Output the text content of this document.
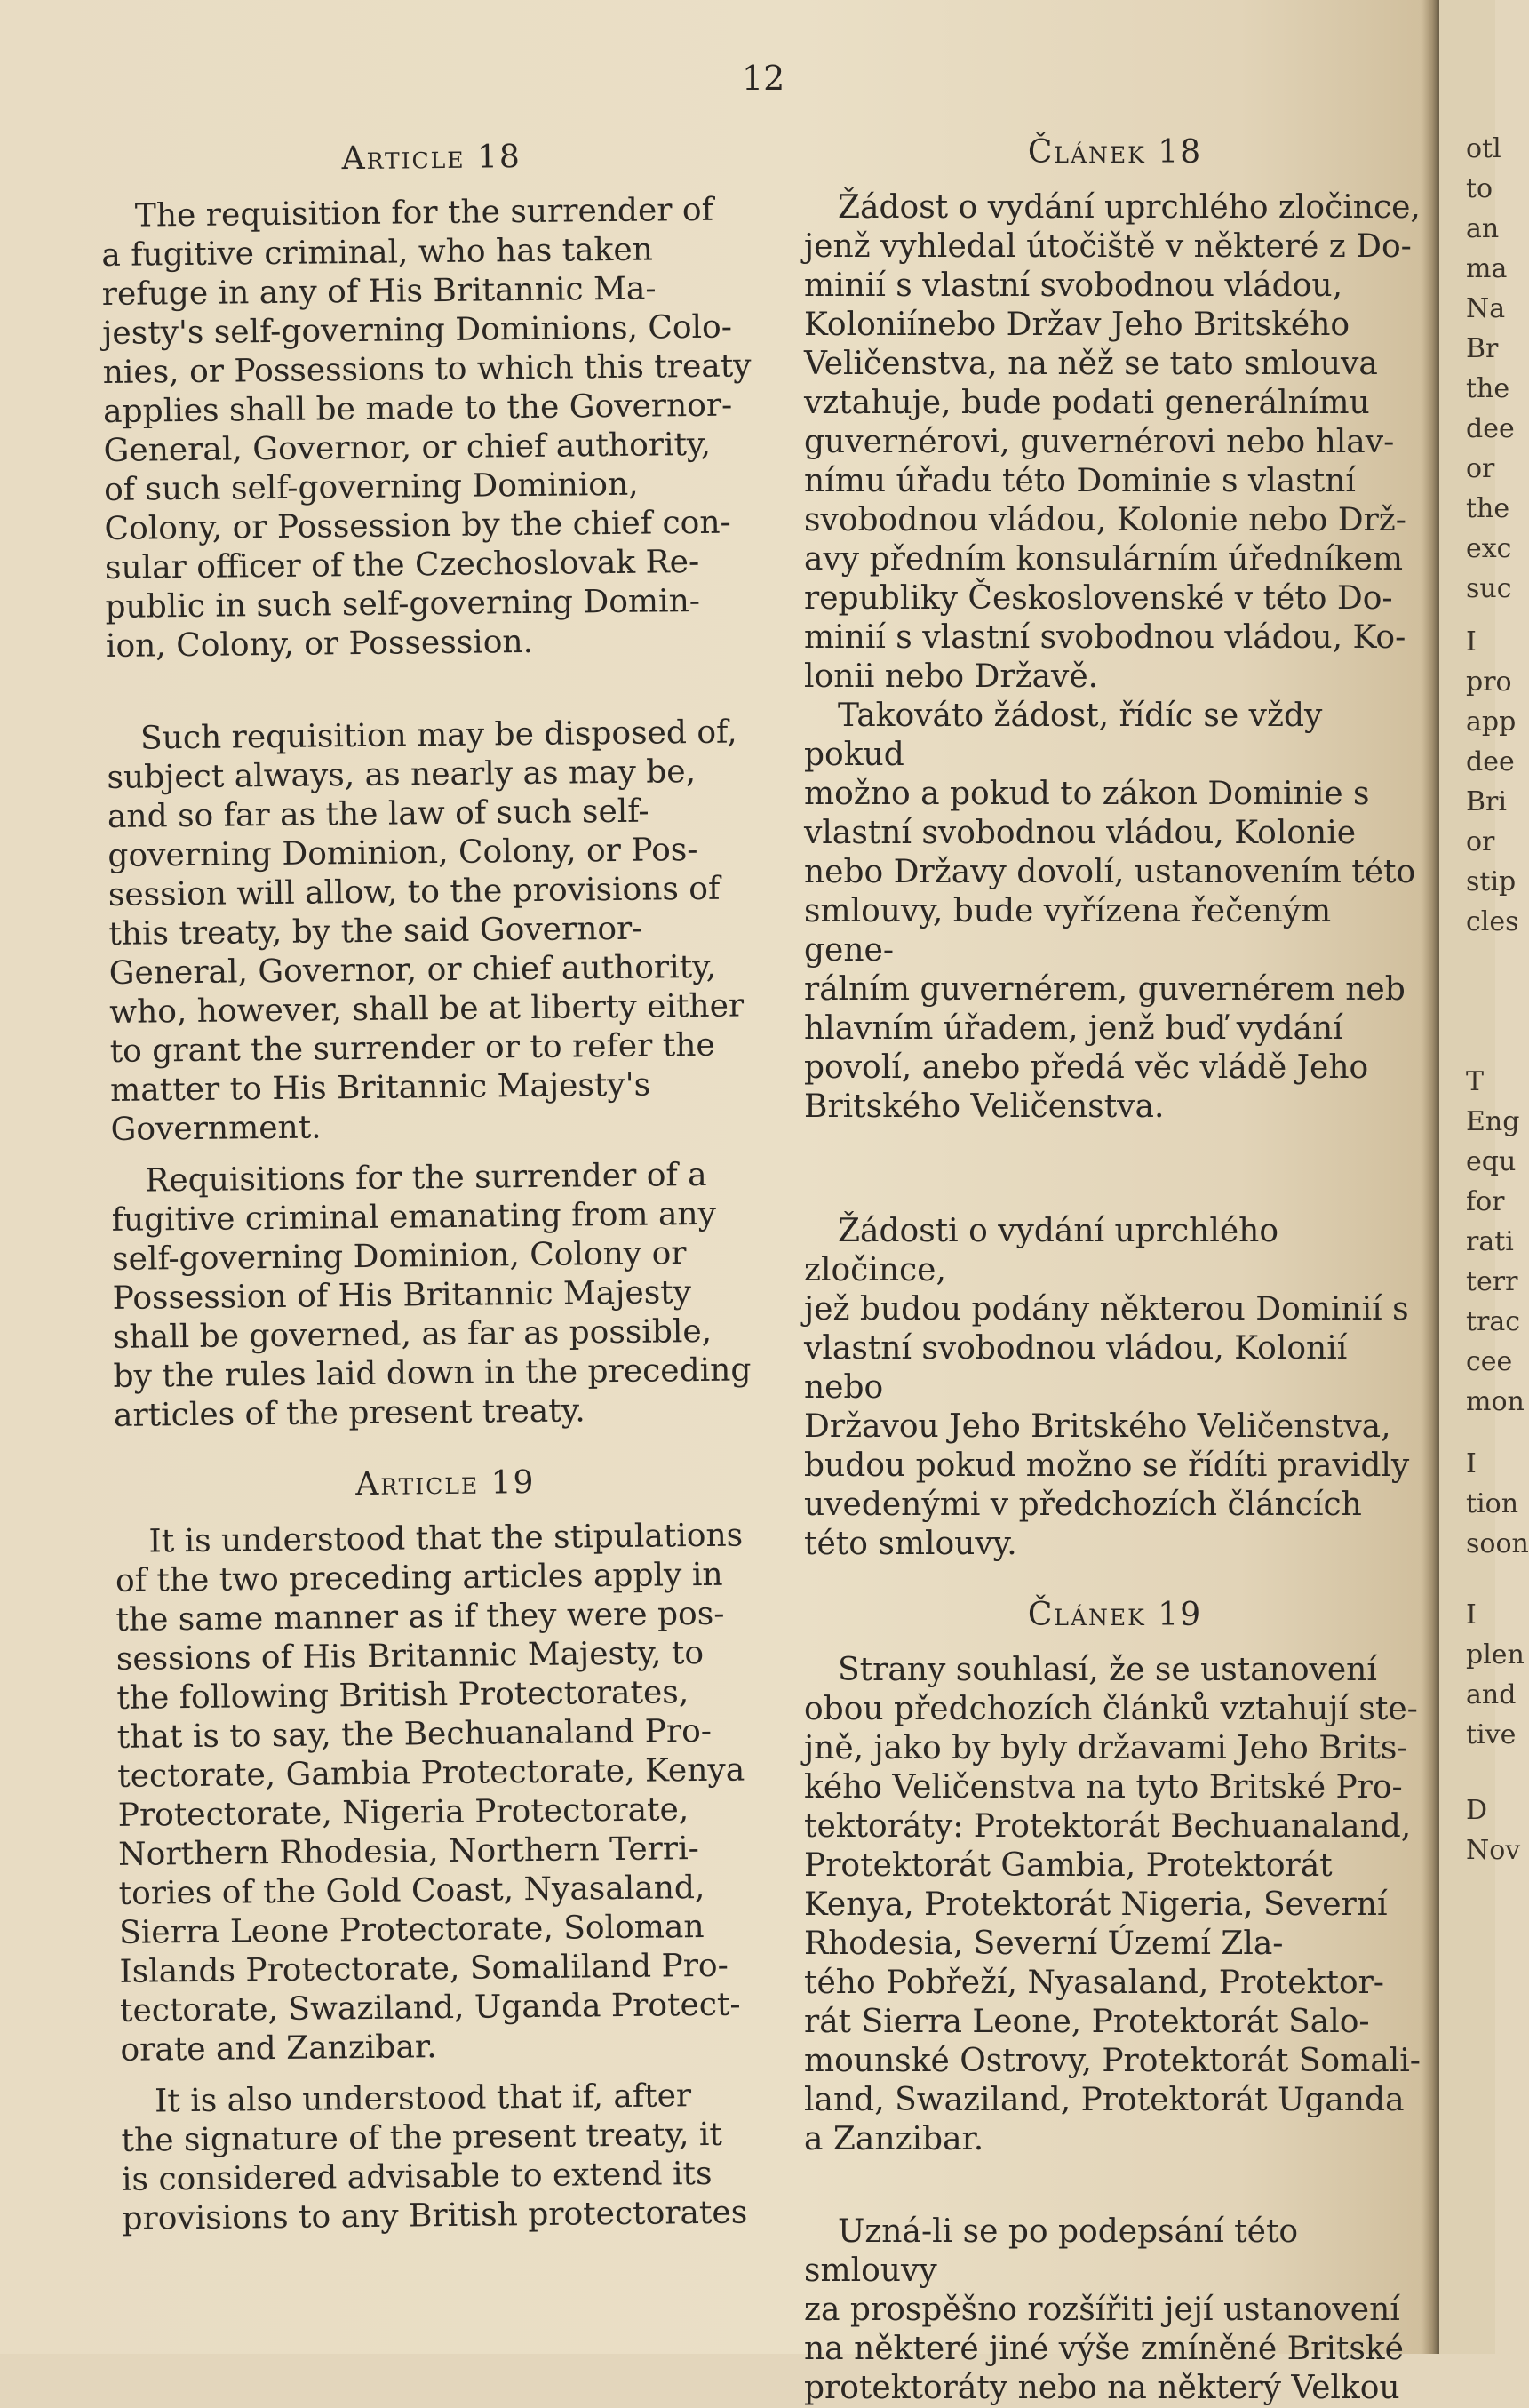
12
Article 18

The requisition for the surrender of
a fugitive criminal, who has taken
refuge in any of His Britannic Ma-
jesty's self-governing Dominions, Colo-
nies, or Possessions to which this treaty
applies shall be made to the Governor-
General, Governor, or chief authority,
of such self-governing Dominion,
Colony, or Possession by the chief con-
sular officer of the Czechoslovak Re-
public in such self-governing Domin-
ion, Colony, or Possession.

Such requisition may be disposed of,
subject always, as nearly as may be,
and so far as the law of such self-
governing Dominion, Colony, or Pos-
session will allow, to the provisions of
this treaty, by the said Governor-
General, Governor, or chief authority,
who, however, shall be at liberty either
to grant the surrender or to refer the
matter to His Britannic Majesty's
Government.

Requisitions for the surrender of a
fugitive criminal emanating from any
self-governing Dominion, Colony or
Possession of His Britannic Majesty
shall be governed, as far as possible,
by the rules laid down in the preceding
articles of the present treaty.

Article 19

It is understood that the stipulations
of the two preceding articles apply in
the same manner as if they were pos-
sessions of His Britannic Majesty, to
the following British Protectorates,
that is to say, the Bechuanaland Pro-
tectorate, Gambia Protectorate, Kenya
Protectorate, Nigeria Protectorate,
Northern Rhodesia, Northern Terri-
tories of the Gold Coast, Nyasaland,
Sierra Leone Protectorate, Soloman
Islands Protectorate, Somaliland Pro-
tectorate, Swaziland, Uganda Protect-
orate and Zanzibar.

It is also understood that if, after
the signature of the present treaty, it
is considered advisable to extend its
provisions to any British protectorates

Článek 18

Žádost o vydání uprchlého zločince,
jenž vyhledal útočiště v některé z Do-
minií s vlastní svobodnou vládou,
Koloniínebo Držav Jeho Britského
Veličenstva, na něž se tato smlouva
vztahuje, bude podati generálnímu
guvernérovi, guvernérovi nebo hlav-
nímu úřadu této Dominie s vlastní
svobodnou vládou, Kolonie nebo Drž-
avy předním konsulárním úředníkem
republiky Československé v této Do-
minií s vlastní svobodnou vládou, Ko-
lonii nebo Državě.

Takováto žádost, řídíc se vždy pokud
možno a pokud to zákon Dominie s
vlastní svobodnou vládou, Kolonie
nebo Državy dovolí, ustanovením této
smlouvy, bude vyřízena řečeným gene-
rálním guvernérem, guvernérem neb
hlavním úřadem, jenž buď vydání
povolí, anebo předá věc vládě Jeho
Britského Veličenstva.

Žádosti o vydání uprchlého zločince,
jež budou podány některou Dominií s
vlastní svobodnou vládou, Kolonií nebo
Državou Jeho Britského Veličenstva,
budou pokud možno se řídíti pravidly
uvedenými v předchozích článcích
této smlouvy.

Článek 19

Strany souhlasí, že se ustanovení
obou předchozích článků vztahují ste-
jně, jako by byly državami Jeho Brits-
kého Veličenstva na tyto Britské Pro-
tektoráty: Protektorát Bechuanaland,
Protektorát Gambia, Protektorát
Kenya, Protektorát Nigeria, Severní
Rhodesia, Severní Území Zla-
tého Pobřeží, Nyasaland, Protektor-
rát Sierra Leone, Protektorát Salo-
mounské Ostrovy, Protektorát Somali-
land, Swaziland, Protektorát Uganda
a Zanzibar.

Uzná-li se po podepsání této smlouvy
za prospěšno rozšířiti její ustanovení
na některé jiné výše zmíněné Britské
protektoráty nebo na některý Velkou

otl
to
an
ma
Na
Br
the
dee
or
the
exc
suc
I
pro
app
dee
Bri
or
stip
cles
T
Eng
equ
for
rati
terr
trac
cee
mon
I
tion
soon
I
plen
and
tive
D
Nov
